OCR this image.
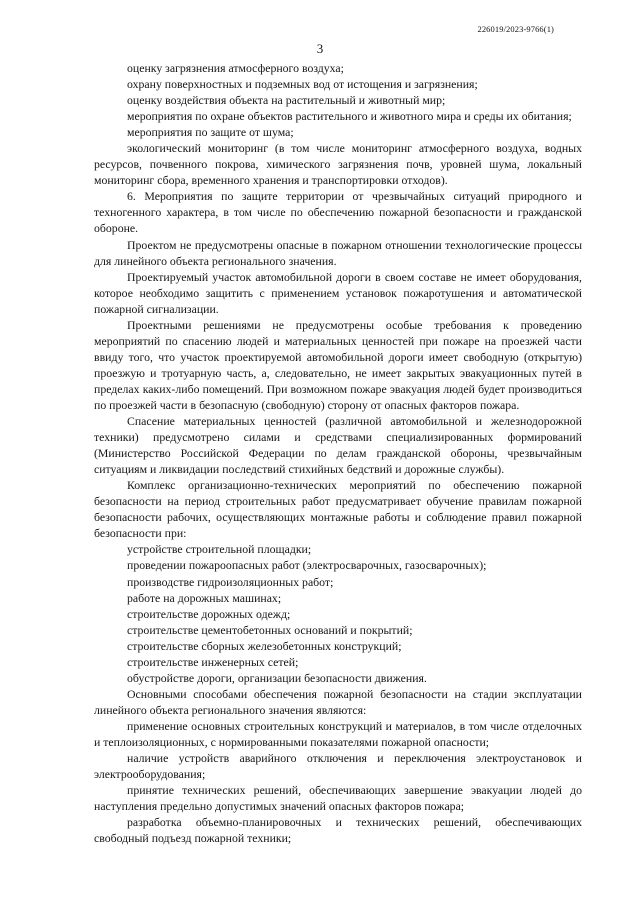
226019/2023-9766(1)
3

оценку загрязнения атмосферного воздуха;

охрану поверхностных и подземных вод от истощения и загрязнения;

оценку воздействия объекта на растительный и животный мир;

мероприятия по охране объектов растительного и животного мира и среды их обитания;

мероприятия по защите от шума;

экологический мониторинг (в том числе мониторинг атмосферного воздуха, водных ресурсов, почвенного покрова, химического загрязнения почв, уровней шума, локальный мониторинг сбора, временного хранения и транспортировки отходов).

6. Мероприятия по защите территории от чрезвычайных ситуаций природного и техногенного характера, в том числе по обеспечению пожарной безопасности и гражданской обороне.

Проектом не предусмотрены опасные в пожарном отношении технологические процессы для линейного объекта регионального значения.

Проектируемый участок автомобильной дороги в своем составе не имеет оборудования, которое необходимо защитить с применением установок пожаротушения и автоматической пожарной сигнализации.

Проектными решениями не предусмотрены особые требования к проведению мероприятий по спасению людей и материальных ценностей при пожаре на проезжей части ввиду того, что участок проектируемой автомобильной дороги имеет свободную (открытую) проезжую и тротуарную часть, а, следовательно, не имеет закрытых эвакуационных путей в пределах каких-либо помещений. При возможном пожаре эвакуация людей будет производиться по проезжей части в безопасную (свободную) сторону от опасных факторов пожара.

Спасение материальных ценностей (различной автомобильной и железнодорожной техники) предусмотрено силами и средствами специализированных формирований (Министерство Российской Федерации по делам гражданской обороны, чрезвычайным ситуациям и ликвидации последствий стихийных бедствий и дорожные службы).

Комплекс организационно-технических мероприятий по обеспечению пожарной безопасности на период строительных работ предусматривает обучение правилам пожарной безопасности рабочих, осуществляющих монтажные работы и соблюдение правил пожарной безопасности при:

устройстве строительной площадки;

проведении пожароопасных работ (электросварочных, газосварочных);

производстве гидроизоляционных работ;

работе на дорожных машинах;

строительстве дорожных одежд;

строительстве цементобетонных оснований и покрытий;

строительстве сборных железобетонных конструкций;

строительстве инженерных сетей;

обустройстве дороги, организации безопасности движения.

Основными способами обеспечения пожарной безопасности на стадии эксплуатации линейного объекта регионального значения являются:

применение основных строительных конструкций и материалов, в том числе отделочных и теплоизоляционных, с нормированными показателями пожарной опасности;

наличие устройств аварийного отключения и переключения электроустановок и электрооборудования;

принятие технических решений, обеспечивающих завершение эвакуации людей до наступления предельно допустимых значений опасных факторов пожара;

разработка объемно-планировочных и технических решений, обеспечивающих свободный подъезд пожарной техники;
